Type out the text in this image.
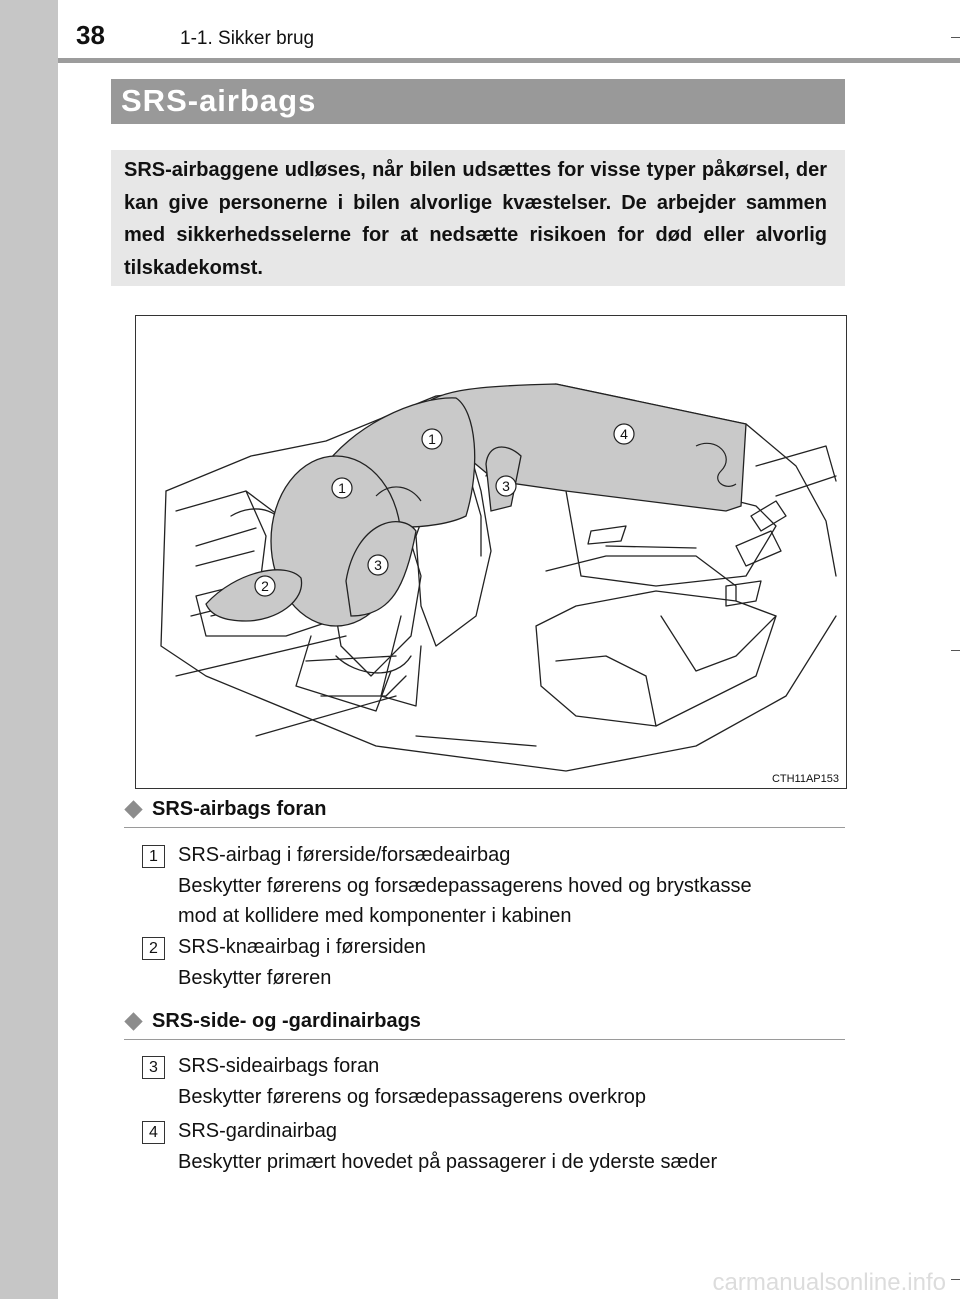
38	1-1. Sikker brug
SRS-airbags

SRS-airbaggene udløses, når bilen udsættes for visse typer påkørsel, der kan give personerne i bilen alvorlige kvæstelser. De arbejder sammen med sikkerhedsselerne for at nedsætte risikoen for død eller alvorlig tilskadekomst.

1
1
2
3
3
4
CTH11AP153
SRS-airbags foran
1	SRS-airbag i førerside/forsædeairbag
Beskytter førerens og forsædepassagerens hoved og brystkasse
mod at kollidere med komponenter i kabinen
2	SRS-knæairbag i førersiden
Beskytter føreren
SRS-side- og -gardinairbags
3	SRS-sideairbags foran
Beskytter førerens og forsædepassagerens overkrop
4	SRS-gardinairbag
Beskytter primært hovedet på passagerer i de yderste sæder
carmanualsonline.info
